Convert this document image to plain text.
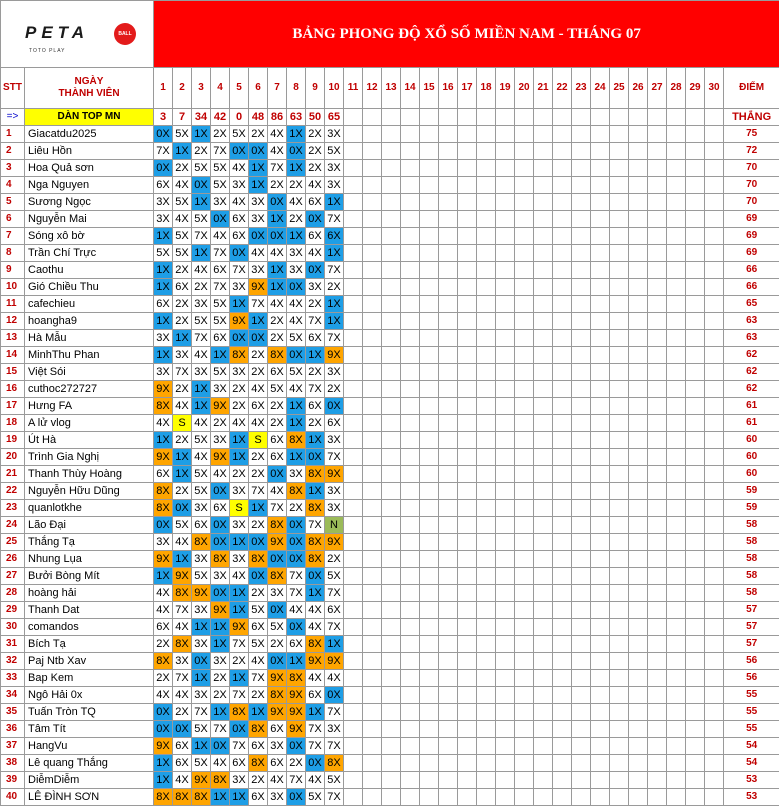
PETA
TOTO PLAY
BALL		BẢNG PHONG ĐỘ XỔ SỐ MIỀN NAM - THÁNG 07																														
STT	NGÀY
THÀNH VIÊN	1	2	3	4	5	6	7	8	9	10	11	12	13	14	15	16	17	18	19	20	21	22	23	24	25	26	27	28	29	30	ĐIỂM
=>	DÀN TOP MN	3	7	34	42	0	48	86	63	50	65																					THẮNG
1	Giacatdu2025	0X	5X	1X	2X	5X	2X	4X	1X	2X	3X																					75
2	Liêu Hồn	7X	1X	2X	7X	0X	0X	4X	0X	2X	5X																					72
3	Hoa Quả sơn	0X	2X	5X	5X	4X	1X	7X	1X	2X	3X																					70
4	Nga Nguyen	6X	4X	0X	5X	3X	1X	2X	2X	4X	3X																					70
5	Sương Ngọc	3X	5X	1X	3X	4X	3X	0X	4X	6X	1X																					70
6	Nguyễn Mai	3X	4X	5X	0X	6X	3X	1X	2X	0X	7X																					69
7	Sóng xô bờ	1X	5X	7X	4X	6X	0X	0X	1X	6X	6X																					69
8	Trần Chí Trực	5X	5X	1X	7X	0X	4X	4X	3X	4X	1X																					69
9	Caothu	1X	2X	4X	6X	7X	3X	1X	3X	0X	7X																					66
10	Gió Chiều Thu	1X	6X	2X	7X	3X	9X	1X	0X	3X	2X																					66
11	cafechieu	6X	2X	3X	5X	1X	7X	4X	4X	2X	1X																					65
12	hoangha9	1X	2X	5X	5X	9X	1X	2X	4X	7X	1X																					63
13	Hà Mẫu	3X	1X	7X	6X	0X	0X	2X	5X	6X	7X																					63
14	MinhThu Phan	1X	3X	4X	1X	8X	2X	8X	0X	1X	9X																					62
15	Việt Sói	3X	7X	3X	5X	3X	2X	6X	5X	2X	3X																					62
16	cuthoc272727	9X	2X	1X	3X	2X	4X	5X	4X	7X	2X																					62
17	Hưng FA	8X	4X	1X	9X	2X	6X	2X	1X	6X	0X																					61
18	A lử vlog	4X	S	4X	2X	4X	4X	2X	1X	2X	6X																					61
19	Út Hà	1X	2X	5X	3X	1X	S	6X	8X	1X	3X																					60
20	Trình Gia Nghị	9X	1X	4X	9X	1X	2X	6X	1X	0X	7X																					60
21	Thanh Thùy Hoàng	6X	1X	5X	4X	2X	2X	0X	3X	8X	9X																					60
22	Nguyễn Hữu Dũng	8X	2X	5X	0X	3X	7X	4X	8X	1X	3X																					59
23	quanlotkhe	8X	0X	3X	6X	S	1X	7X	2X	8X	3X																					59
24	Lão Đại	0X	5X	6X	0X	3X	2X	8X	0X	7X	N																					58
25	Thắng Tạ	3X	4X	8X	0X	1X	0X	9X	0X	8X	9X																					58
26	Nhung Lụa	9X	1X	3X	8X	3X	8X	0X	0X	8X	2X																					58
27	Bưởi Bòng Mít	1X	9X	5X	3X	4X	0X	8X	7X	0X	5X																					58
28	hoàng hải	4X	8X	9X	0X	1X	2X	3X	7X	1X	7X																					58
29	Thanh Dat	4X	7X	3X	9X	1X	5X	0X	4X	4X	6X																					57
30	comandos	6X	4X	1X	1X	9X	6X	5X	0X	4X	7X																					57
31	Bích Tạ	2X	8X	3X	1X	7X	5X	2X	6X	8X	1X																					57
32	Paj Ntb Xav	8X	3X	0X	3X	2X	4X	0X	1X	9X	9X																					56
33	Bap Kem	2X	7X	1X	2X	1X	7X	9X	8X	4X	4X																					56
34	Ngô Hải 0x	4X	4X	3X	2X	7X	2X	8X	9X	6X	0X																					55
35	Tuấn Tròn TQ	0X	2X	7X	1X	8X	1X	9X	9X	1X	7X																					55
36	Tâm Tít	0X	0X	5X	7X	0X	8X	6X	9X	7X	3X																					55
37	HangVu	9X	6X	1X	0X	7X	6X	3X	0X	7X	7X																					54
38	Lê quang Thắng	1X	6X	5X	4X	6X	8X	6X	2X	0X	8X																					54
39	DiễmDiễm	1X	4X	9X	8X	3X	2X	4X	7X	4X	5X																					53
40	LÊ ĐÌNH SƠN	8X	8X	8X	1X	1X	6X	3X	0X	5X	7X																					53
